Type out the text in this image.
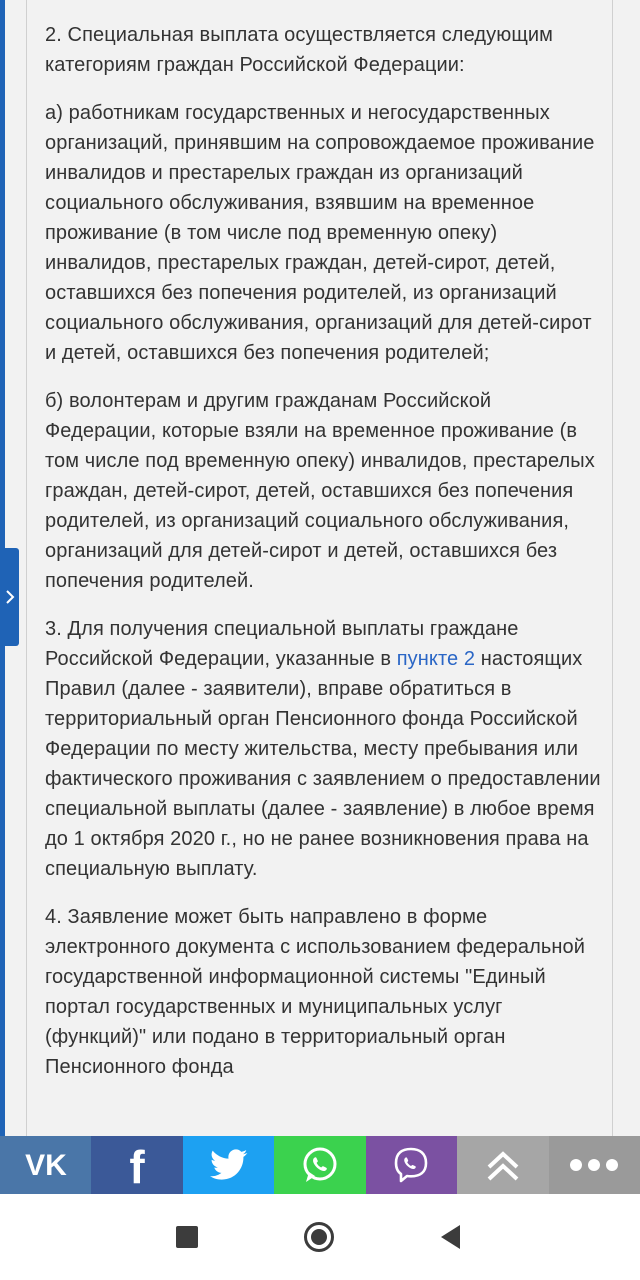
2. Специальная выплата осуществляется следующим категориям граждан Российской Федерации:

а) работникам государственных и негосударственных организаций, принявшим на сопровождаемое проживание инвалидов и престарелых граждан из организаций социального обслуживания, взявшим на временное проживание (в том числе под временную опеку) инвалидов, престарелых граждан, детей-сирот, детей, оставшихся без попечения родителей, из организаций социального обслуживания, организаций для детей-сирот и детей, оставшихся без попечения родителей;

б) волонтерам и другим гражданам Российской Федерации, которые взяли на временное проживание (в том числе под временную опеку) инвалидов, престарелых граждан, детей-сирот, детей, оставшихся без попечения родителей, из организаций социального обслуживания, организаций для детей-сирот и детей, оставшихся без попечения родителей.

3. Для получения специальной выплаты граждане Российской Федерации, указанные в пункте 2 настоящих Правил (далее - заявители), вправе обратиться в территориальный орган Пенсионного фонда Российской Федерации по месту жительства, месту пребывания или фактического проживания с заявлением о предоставлении специальной выплаты (далее - заявление) в любое время до 1 октября 2020 г., но не ранее возникновения права на специальную выплату.

4. Заявление может быть направлено в форме электронного документа с использованием федеральной государственной информационной системы "Единый портал государственных и муниципальных услуг (функций)" или подано в территориальный орган Пенсионного фонда

VK f
